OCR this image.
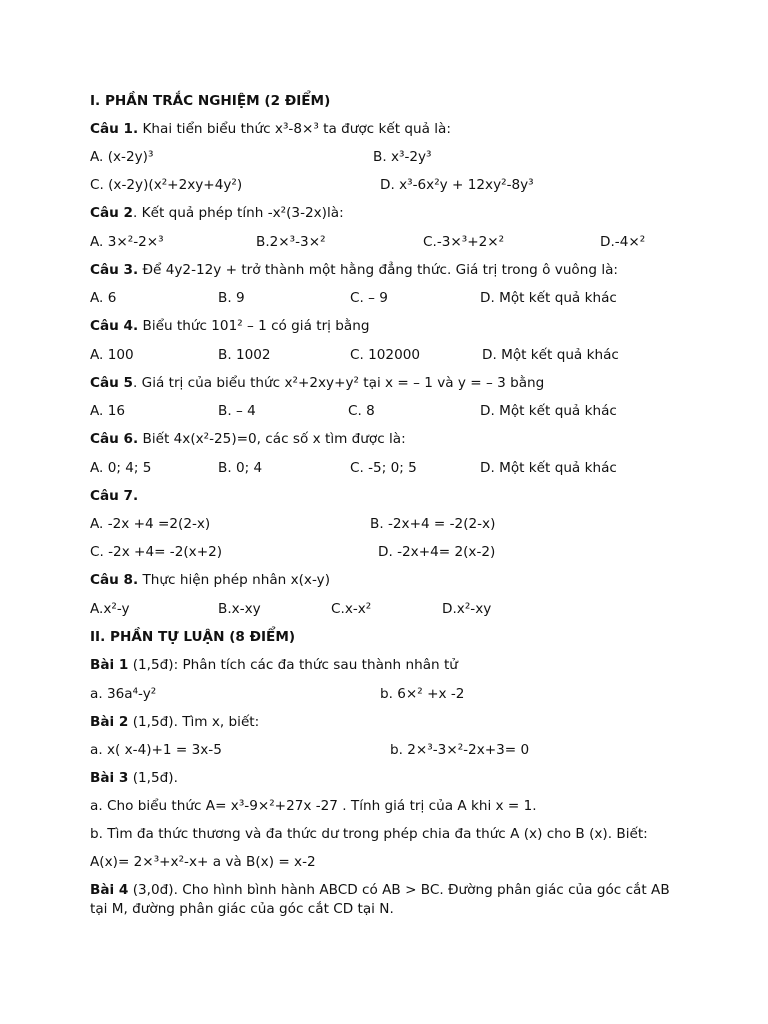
I. PHẦN TRẮC NGHIỆM (2 ĐIỂM)
Câu 1. Khai tiển biểu thức x³-8×³ ta được kết quả là:
A. (x-2y)³	B. x³-2y³
C. (x-2y)(x²+2xy+4y²)	D. x³-6x²y + 12xy²-8y³
Câu 2. Kết quả phép tính -x²(3-2x)là:
A. 3×²-2×³	B.2×³-3×²	C.-3×³+2×²	D.-4×²
Câu 3. Để 4y2-12y + trở thành một hằng đẳng thức. Giá trị trong ô vuông là:
A. 6	B. 9	C. – 9	D. Một kết quả khác
Câu 4. Biểu thức 101² – 1 có giá trị bằng
A. 100	B. 1002	C. 102000	D. Một kết quả khác
Câu 5. Giá trị của biểu thức x²+2xy+y² tại x = – 1 và y = – 3 bằng
A. 16	B. – 4	C. 8	D. Một kết quả khác
Câu 6. Biết 4x(x²-25)=0, các số x tìm được là:
A. 0; 4; 5	B. 0; 4	C. -5; 0; 5	D. Một kết quả khác
Câu 7.
A. -2x +4 =2(2-x)	B. -2x+4 = -2(2-x)
C. -2x +4= -2(x+2)	D. -2x+4= 2(x-2)
Câu 8. Thực hiện phép nhân x(x-y)
A.x²-y	B.x-xy	C.x-x²	D.x²-xy
II. PHẦN TỰ LUẬN (8 ĐIỂM)
Bài 1 (1,5đ): Phân tích các đa thức sau thành nhân tử
a. 36a⁴-y²	b. 6×² +x -2
Bài 2 (1,5đ). Tìm x, biết:
a. x( x-4)+1 = 3x-5	b. 2×³-3×²-2x+3= 0
Bài 3 (1,5đ).
a. Cho biểu thức A= x³-9×²+27x -27 . Tính giá trị của A khi x = 1.
b. Tìm đa thức thương và đa thức dư trong phép chia đa thức A (x) cho B (x). Biết:
A(x)= 2×³+x²-x+ a và B(x) = x-2
Bài 4 (3,0đ). Cho hình bình hành ABCD có AB > BC. Đường phân giác của góc cắt AB tại M, đường phân giác của góc cắt CD tại N.
